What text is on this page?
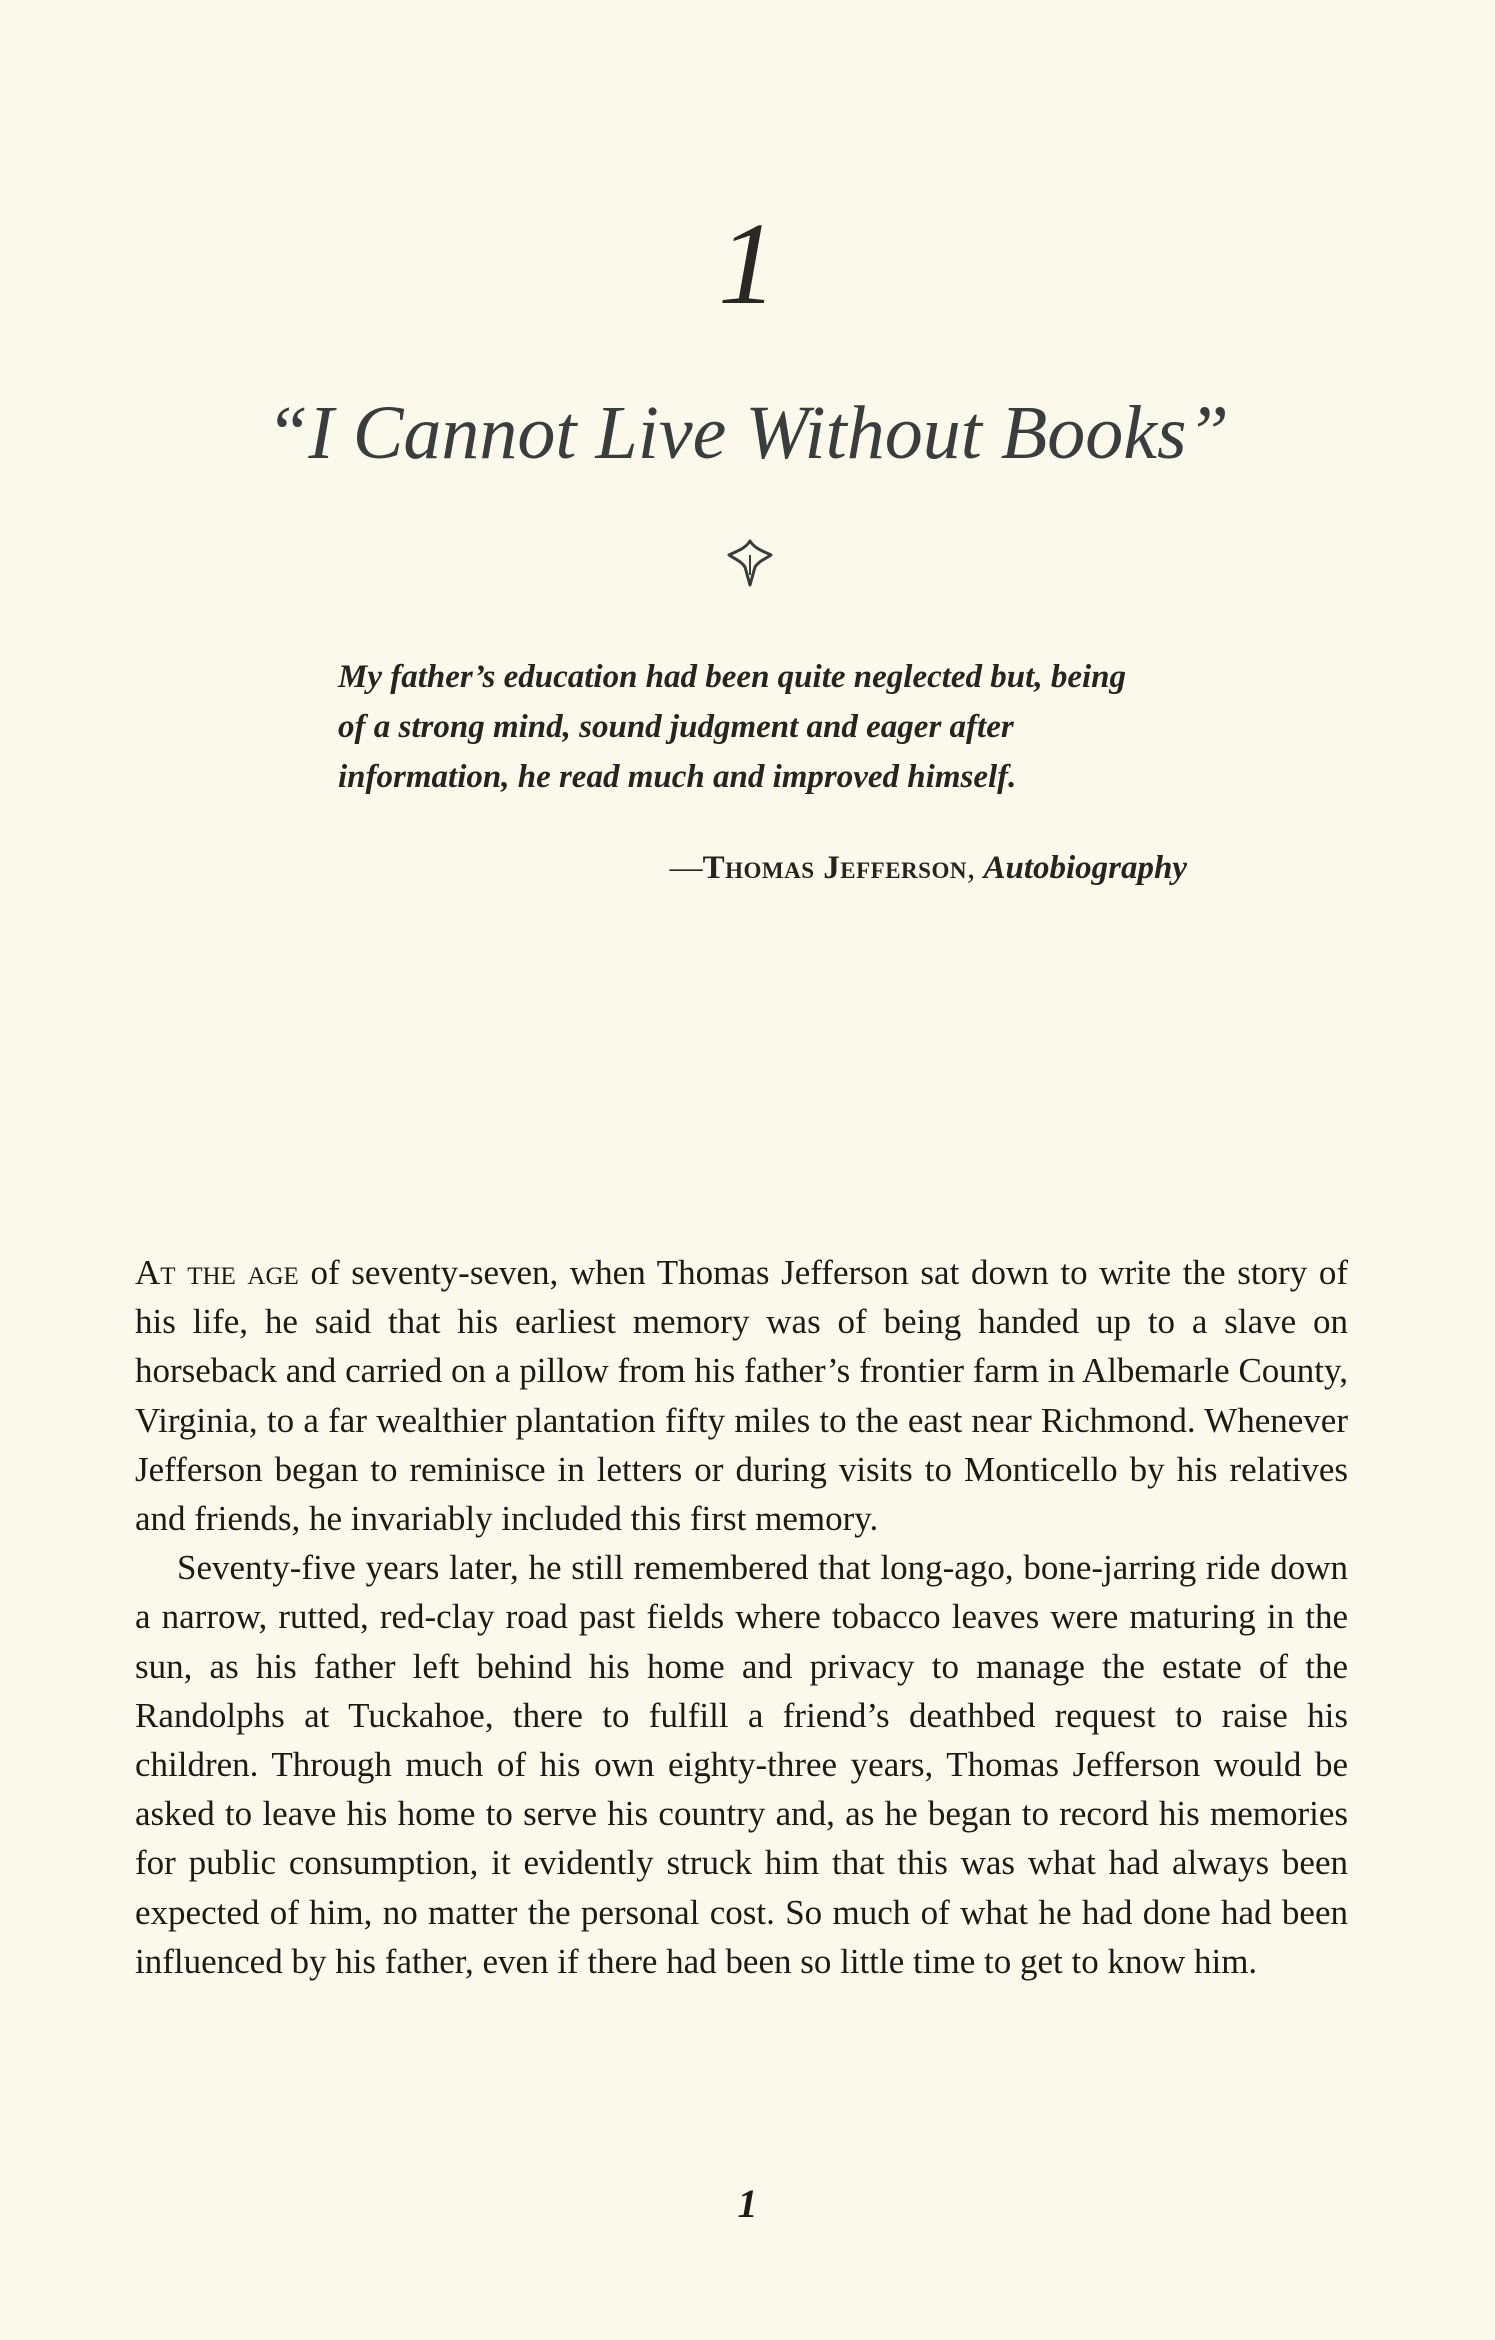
1
“I Cannot Live Without Books”

My father’s education had been quite neglected but, being of a strong mind, sound judgment and eager after information, he read much and improved himself.

—Thomas Jefferson, Autobiography

At the age of seventy-seven, when Thomas Jefferson sat down to write the story of his life, he said that his earliest memory was of being handed up to a slave on horseback and carried on a pillow from his father’s frontier farm in Albemarle County, Virginia, to a far wealthier plantation fifty miles to the east near Richmond. Whenever Jefferson began to reminisce in letters or during visits to Monticello by his relatives and friends, he invariably included this first memory.

Seventy-five years later, he still remembered that long-ago, bone-jarring ride down a narrow, rutted, red-clay road past fields where tobacco leaves were maturing in the sun, as his father left behind his home and privacy to manage the estate of the Randolphs at Tuckahoe, there to fulfill a friend’s deathbed request to raise his children. Through much of his own eighty-three years, Thomas Jefferson would be asked to leave his home to serve his country and, as he began to record his memories for public consumption, it evidently struck him that this was what had always been expected of him, no matter the personal cost. So much of what he had done had been influenced by his father, even if there had been so little time to get to know him.

1
